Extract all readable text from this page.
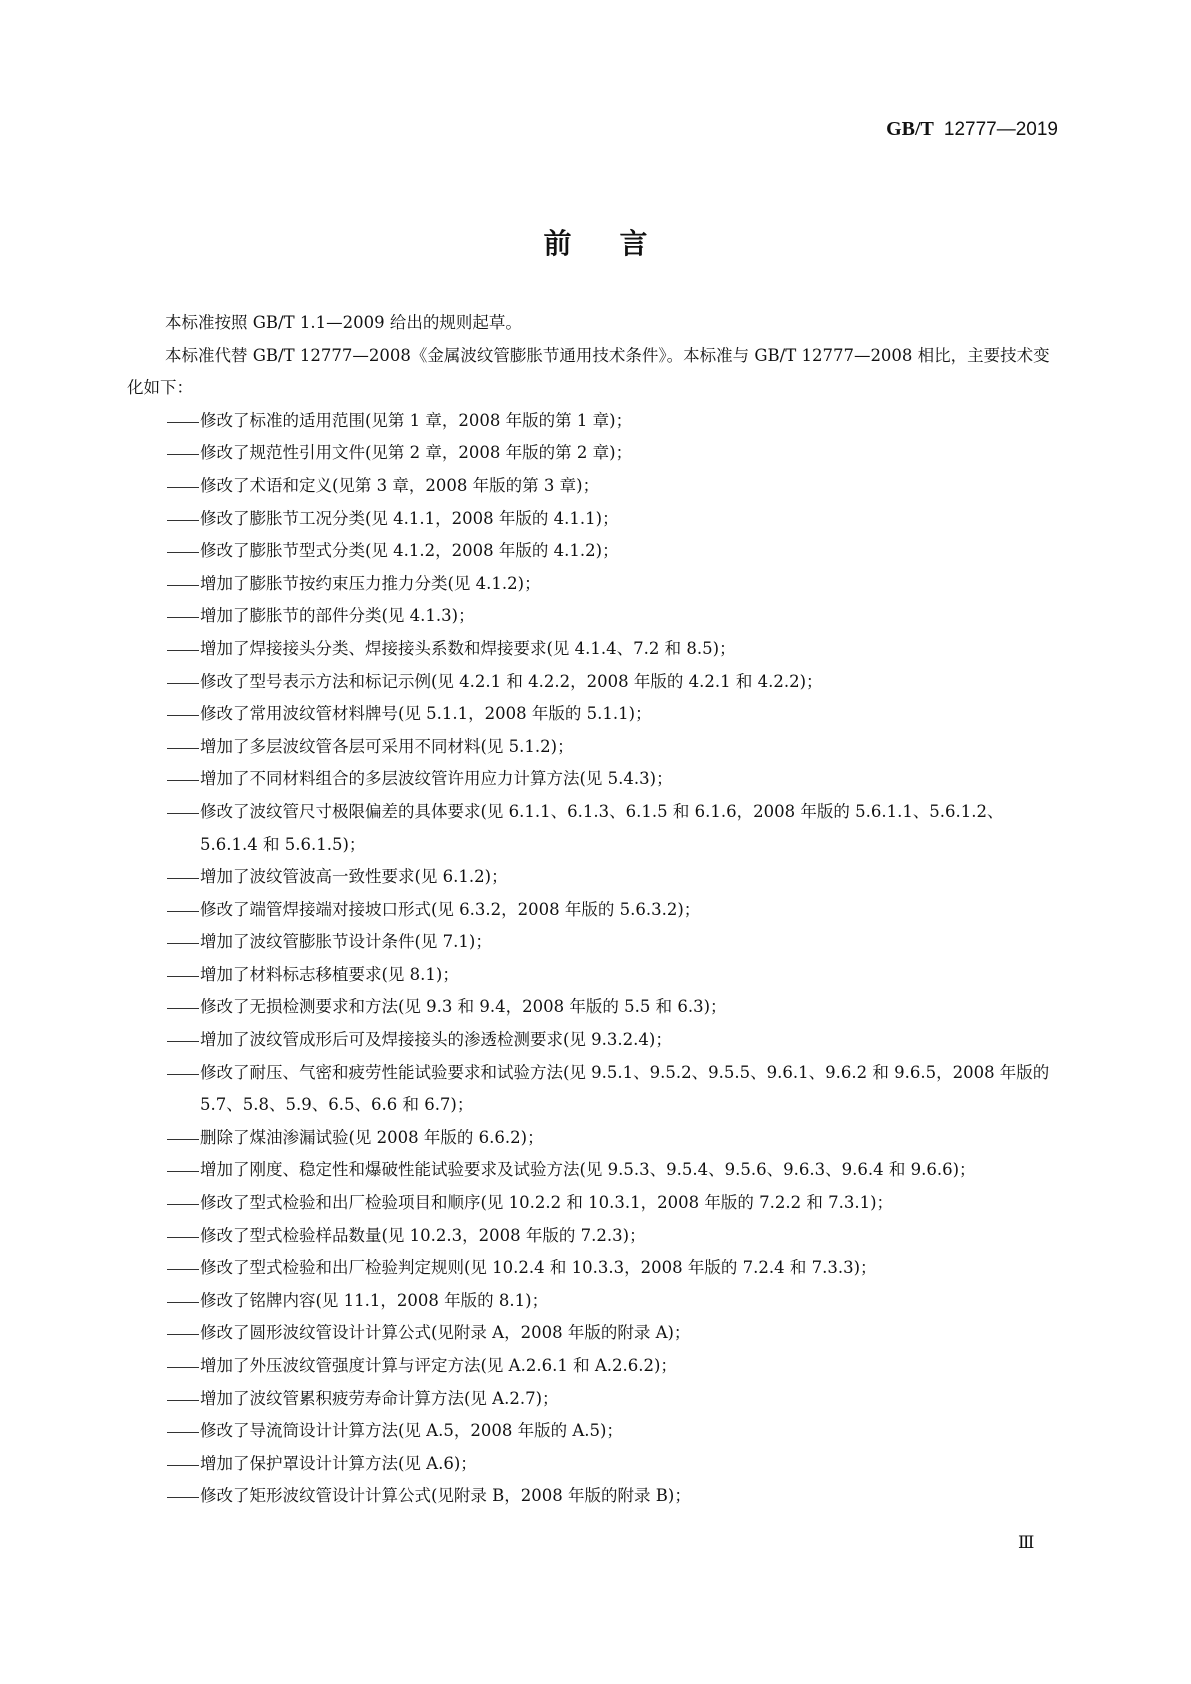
GB/T 12777—2019
前言

本标准按照 GB/T 1.1—2009 给出的规则起草。

本标准代替 GB/T 12777—2008《金属波纹管膨胀节通用技术条件》。本标准与 GB/T 12777—2008 相比，主要技术变化如下：

修改了标准的适用范围(见第 1 章，2008 年版的第 1 章)；
修改了规范性引用文件(见第 2 章，2008 年版的第 2 章)；
修改了术语和定义(见第 3 章，2008 年版的第 3 章)；
修改了膨胀节工况分类(见 4.1.1，2008 年版的 4.1.1)；
修改了膨胀节型式分类(见 4.1.2，2008 年版的 4.1.2)；
增加了膨胀节按约束压力推力分类(见 4.1.2)；
增加了膨胀节的部件分类(见 4.1.3)；
增加了焊接接头分类、焊接接头系数和焊接要求(见 4.1.4、7.2 和 8.5)；
修改了型号表示方法和标记示例(见 4.2.1 和 4.2.2，2008 年版的 4.2.1 和 4.2.2)；
修改了常用波纹管材料牌号(见 5.1.1，2008 年版的 5.1.1)；
增加了多层波纹管各层可采用不同材料(见 5.1.2)；
增加了不同材料组合的多层波纹管许用应力计算方法(见 5.4.3)；
修改了波纹管尺寸极限偏差的具体要求(见 6.1.1、6.1.3、6.1.5 和 6.1.6，2008 年版的 5.6.1.1、5.6.1.2、5.6.1.4 和 5.6.1.5)；
增加了波纹管波高一致性要求(见 6.1.2)；
修改了端管焊接端对接坡口形式(见 6.3.2，2008 年版的 5.6.3.2)；
增加了波纹管膨胀节设计条件(见 7.1)；
增加了材料标志移植要求(见 8.1)；
修改了无损检测要求和方法(见 9.3 和 9.4，2008 年版的 5.5 和 6.3)；
增加了波纹管成形后可及焊接接头的渗透检测要求(见 9.3.2.4)；
修改了耐压、气密和疲劳性能试验要求和试验方法(见 9.5.1、9.5.2、9.5.5、9.6.1、9.6.2 和 9.6.5，2008 年版的 5.7、5.8、5.9、6.5、6.6 和 6.7)；
删除了煤油渗漏试验(见 2008 年版的 6.6.2)；
增加了刚度、稳定性和爆破性能试验要求及试验方法(见 9.5.3、9.5.4、9.5.6、9.6.3、9.6.4 和 9.6.6)；
修改了型式检验和出厂检验项目和顺序(见 10.2.2 和 10.3.1，2008 年版的 7.2.2 和 7.3.1)；
修改了型式检验样品数量(见 10.2.3，2008 年版的 7.2.3)；
修改了型式检验和出厂检验判定规则(见 10.2.4 和 10.3.3，2008 年版的 7.2.4 和 7.3.3)；
修改了铭牌内容(见 11.1，2008 年版的 8.1)；
修改了圆形波纹管设计计算公式(见附录 A，2008 年版的附录 A)；
增加了外压波纹管强度计算与评定方法(见 A.2.6.1 和 A.2.6.2)；
增加了波纹管累积疲劳寿命计算方法(见 A.2.7)；
修改了导流筒设计计算方法(见 A.5，2008 年版的 A.5)；
增加了保护罩设计计算方法(见 A.6)；
修改了矩形波纹管设计计算公式(见附录 B，2008 年版的附录 B)；
Ⅲ
